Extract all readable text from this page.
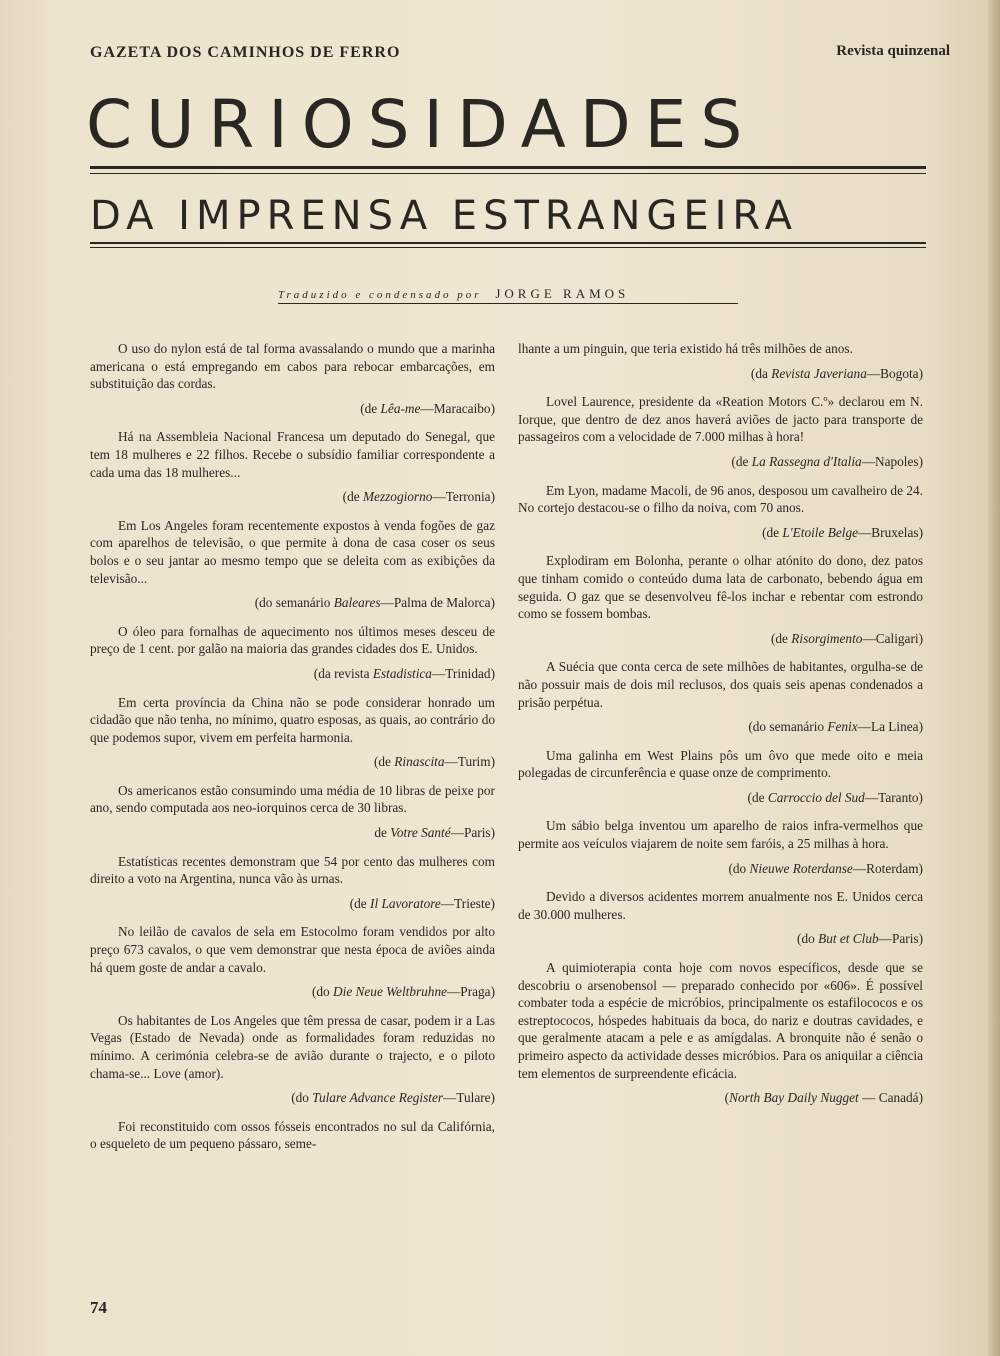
GAZETA DOS CAMINHOS DE FERRO	Revista quinzenal
CURIOSIDADES
DA IMPRENSA ESTRANGEIRA
Traduzido e condensado por JORGE RAMOS

O uso do nylon está de tal forma avassalando o mundo que a marinha americana o está empregando em cabos para rebocar embarcações, em substituição das cordas.

(de Lêa-me—Maracaibo)

Há na Assembleia Nacional Francesa um deputado do Senegal, que tem 18 mulheres e 22 filhos. Recebe o subsídio familiar correspondente a cada uma das 18 mulheres...

(de Mezzogiorno—Terronia)

Em Los Angeles foram recentemente expostos à venda fogões de gaz com aparelhos de televisão, o que permite à dona de casa coser os seus bolos e o seu jantar ao mesmo tempo que se deleita com as exibições da televisão...

(do semanário Baleares—Palma de Malorca)

O óleo para fornalhas de aquecimento nos últimos meses desceu de preço de 1 cent. por galão na maioria das grandes cidades dos E. Unidos.

(da revista Estadistica—Trinidad)

Em certa província da China não se pode considerar honrado um cidadão que não tenha, no mínimo, quatro esposas, as quais, ao contrário do que podemos supor, vivem em perfeita harmonia.

(de Rinascita—Turim)

Os americanos estão consumindo uma média de 10 libras de peixe por ano, sendo computada aos neo-iorquinos cerca de 30 libras.

de Votre Santé—Paris)

Estatísticas recentes demonstram que 54 por cento das mulheres com direito a voto na Argentina, nunca vão às urnas.

(de Il Lavoratore—Trieste)

No leilão de cavalos de sela em Estocolmo foram vendidos por alto preço 673 cavalos, o que vem demonstrar que nesta época de aviões ainda há quem goste de andar a cavalo.

(do Die Neue Weltbruhne—Praga)

Os habitantes de Los Angeles que têm pressa de casar, podem ir a Las Vegas (Estado de Nevada) onde as formalidades foram reduzidas no mínimo. A cerimónia celebra-se de avião durante o trajecto, e o piloto chama-se... Love (amor).

(do Tulare Advance Register—Tulare)

Foi reconstituido com ossos fósseis encontrados no sul da Califórnia, o esqueleto de um pequeno pássaro, seme-

lhante a um pinguin, que teria existido há três milhões de anos.

(da Revista Javeriana—Bogota)

Lovel Laurence, presidente da «Reation Motors C.º» declarou em N. Iorque, que dentro de dez anos haverá aviões de jacto para transporte de passageiros com a velocidade de 7.000 milhas à hora!

(de La Rassegna d'Italia—Napoles)

Em Lyon, madame Macoli, de 96 anos, desposou um cavalheiro de 24. No cortejo destacou-se o filho da noiva, com 70 anos.

(de L'Etoile Belge—Bruxelas)

Explodiram em Bolonha, perante o olhar atónito do dono, dez patos que tinham comido o conteúdo duma lata de carbonato, bebendo água em seguida. O gaz que se desenvolveu fê-los inchar e rebentar com estrondo como se fossem bombas.

(de Risorgimento—Caligari)

A Suécia que conta cerca de sete milhões de habitantes, orgulha-se de não possuir mais de dois mil reclusos, dos quais seis apenas condenados a prisão perpétua.

(do semanário Fenix—La Linea)

Uma galinha em West Plains pôs um ôvo que mede oito e meia polegadas de circunferência e quase onze de comprimento.

(de Carroccio del Sud—Taranto)

Um sábio belga inventou um aparelho de raios infra-vermelhos que permite aos veículos viajarem de noite sem faróis, a 25 milhas à hora.

(do Nieuwe Roterdanse—Roterdam)

Devido a diversos acidentes morrem anualmente nos E. Unidos cerca de 30.000 mulheres.

(do But et Club—Paris)

A quimioterapia conta hoje com novos específicos, desde que se descobriu o arsenobensol — preparado conhecido por «606». É possível combater toda a espécie de micróbios, principalmente os estafilococos e os estreptococos, hóspedes habituais da boca, do nariz e doutras cavidades, e que geralmente atacam a pele e as amígdalas. A bronquite não é senão o primeiro aspecto da actividade desses micróbios. Para os aniquilar a ciência tem elementos de surpreendente eficácia.

(North Bay Daily Nugget — Canadá)

74
